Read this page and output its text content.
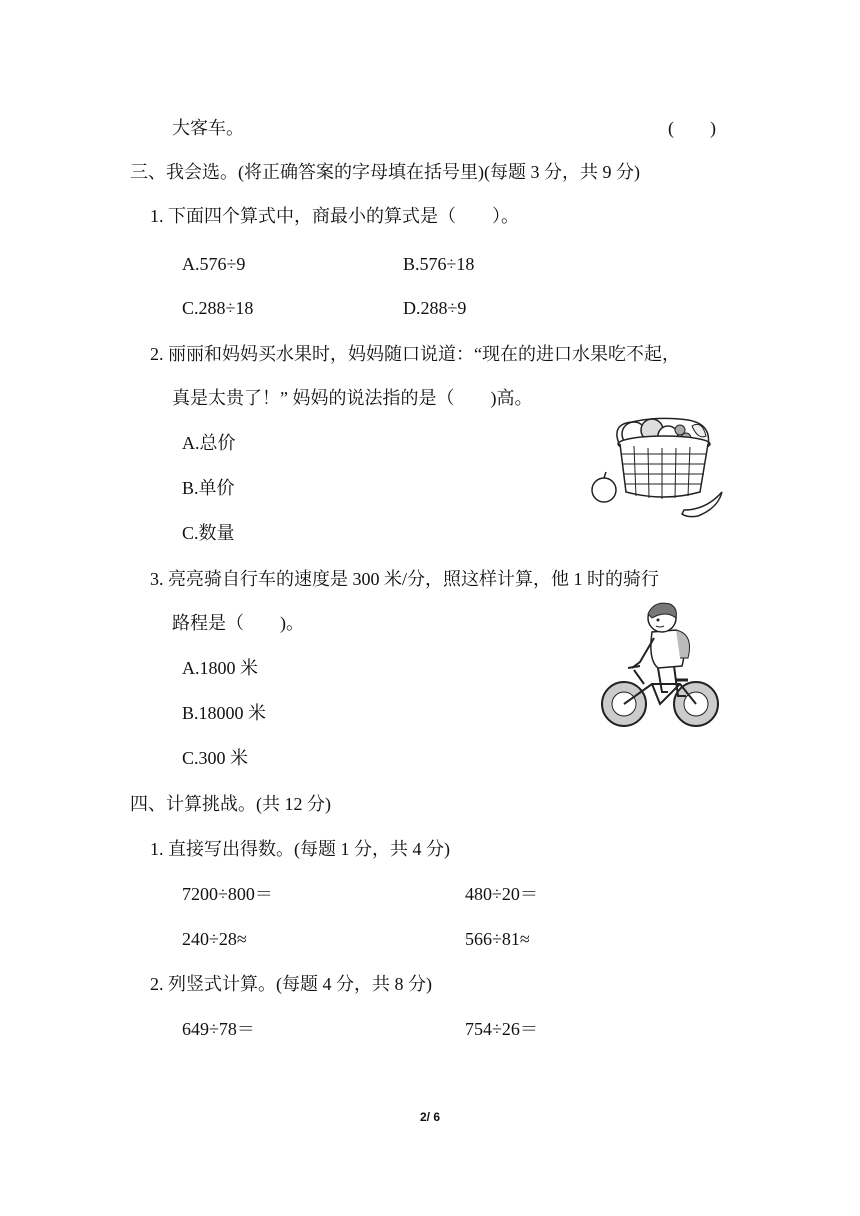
大客车。	(　　)
三、我会选。(将正确答案的字母填在括号里)(每题 3 分，共 9 分)
1. 下面四个算式中，商最小的算式是（　　）。
A.576÷9	B.576÷18
C.288÷18	D.288÷9
2. 丽丽和妈妈买水果时，妈妈随口说道：“现在的进口水果吃不起，
真是太贵了！” 妈妈的说法指的是（　　)高。
A.总价
B.单价
C.数量
3. 亮亮骑自行车的速度是 300 米/分，照这样计算，他 1 时的骑行
路程是（　　)。
A.1800 米
B.18000 米
C.300 米
四、计算挑战。(共 12 分)
1. 直接写出得数。(每题 1 分，共 4 分)
7200÷800＝	480÷20＝
240÷28≈	566÷81≈
2. 列竖式计算。(每题 4 分，共 8 分)
649÷78＝	754÷26＝
2/ 6
